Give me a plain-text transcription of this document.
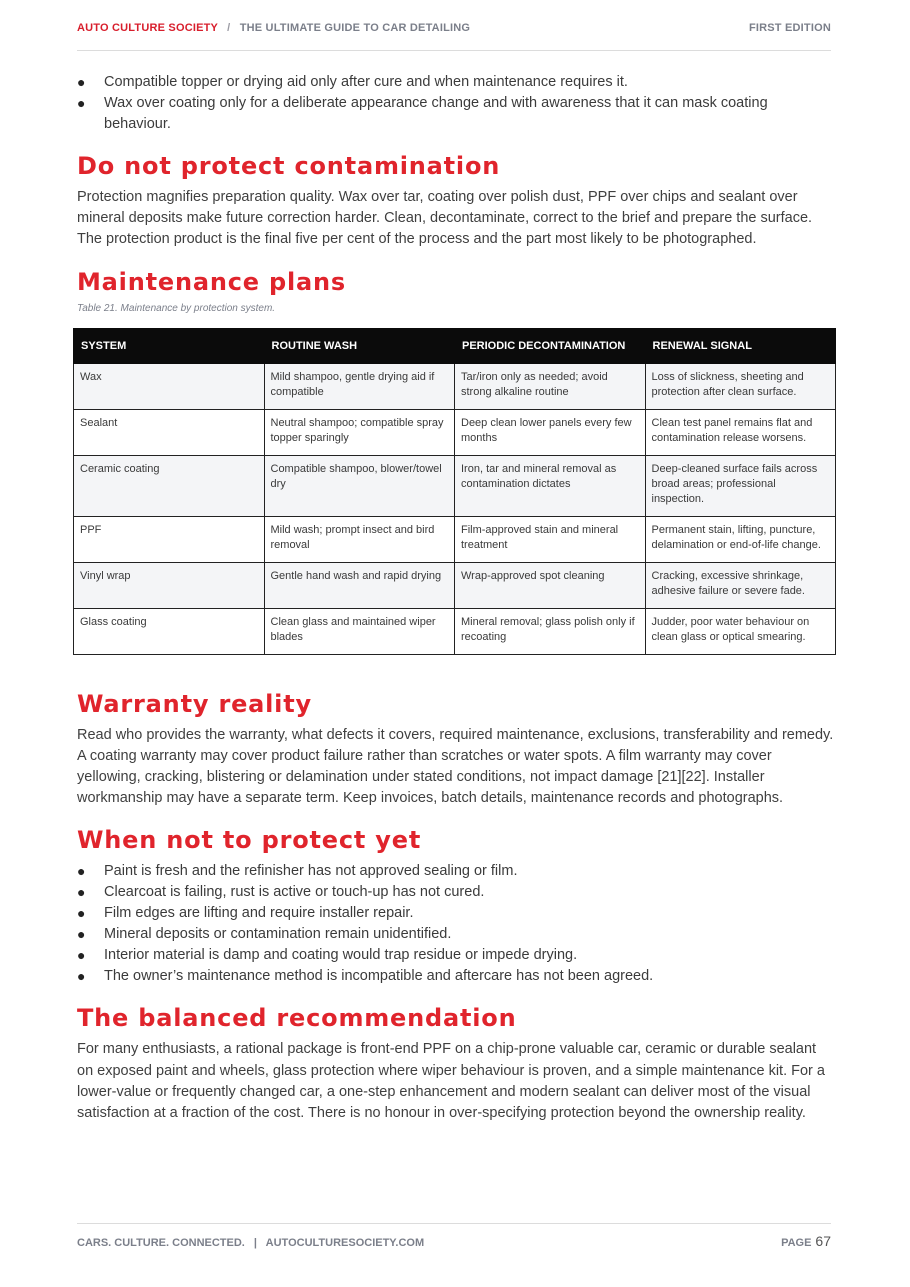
AUTO CULTURE SOCIETY / THE ULTIMATE GUIDE TO CAR DETAILING	FIRST EDITION
● Compatible topper or drying aid only after cure and when maintenance requires it.
● Wax over coating only for a deliberate appearance change and with awareness that it can mask coating behaviour.
Do not protect contamination

Protection magnifies preparation quality. Wax over tar, coating over polish dust, PPF over chips and sealant over mineral deposits make future correction harder. Clean, decontaminate, correct to the brief and prepare the surface. The protection product is the final five per cent of the process and the part most likely to be photographed.

Maintenance plans

Table 21. Maintenance by protection system.

SYSTEM	ROUTINE WASH	PERIODIC DECONTAMINATION	RENEWAL SIGNAL
Wax	Mild shampoo, gentle drying aid if compatible	Tar/iron only as needed; avoid strong alkaline routine	Loss of slickness, sheeting and protection after clean surface.
Sealant	Neutral shampoo; compatible spray topper sparingly	Deep clean lower panels every few months	Clean test panel remains flat and contamination release worsens.
Ceramic coating	Compatible shampoo, blower/towel dry	Iron, tar and mineral removal as contamination dictates	Deep-cleaned surface fails across broad areas; professional inspection.
PPF	Mild wash; prompt insect and bird removal	Film-approved stain and mineral treatment	Permanent stain, lifting, puncture, delamination or end-of-life change.
Vinyl wrap	Gentle hand wash and rapid drying	Wrap-approved spot cleaning	Cracking, excessive shrinkage, adhesive failure or severe fade.
Glass coating	Clean glass and maintained wiper blades	Mineral removal; glass polish only if recoating	Judder, poor water behaviour on clean glass or optical smearing.
Warranty reality

Read who provides the warranty, what defects it covers, required maintenance, exclusions, transferability and remedy. A coating warranty may cover product failure rather than scratches or water spots. A film warranty may cover yellowing, cracking, blistering or delamination under stated conditions, not impact damage [21][22]. Installer workmanship may have a separate term. Keep invoices, batch details, maintenance records and photographs.

When not to protect yet
● Paint is fresh and the refinisher has not approved sealing or film.
● Clearcoat is failing, rust is active or touch-up has not cured.
● Film edges are lifting and require installer repair.
● Mineral deposits or contamination remain unidentified.
● Interior material is damp and coating would trap residue or impede drying.
● The owner’s maintenance method is incompatible and aftercare has not been agreed.
The balanced recommendation

For many enthusiasts, a rational package is front-end PPF on a chip-prone valuable car, ceramic or durable sealant on exposed paint and wheels, glass protection where wiper behaviour is proven, and a simple maintenance kit. For a lower-value or frequently changed car, a one-step enhancement and modern sealant can deliver most of the visual satisfaction at a fraction of the cost. There is no honour in over-specifying protection beyond the ownership reality.

CARS. CULTURE. CONNECTED. | AUTOCULTURESOCIETY.COM	PAGE 67
